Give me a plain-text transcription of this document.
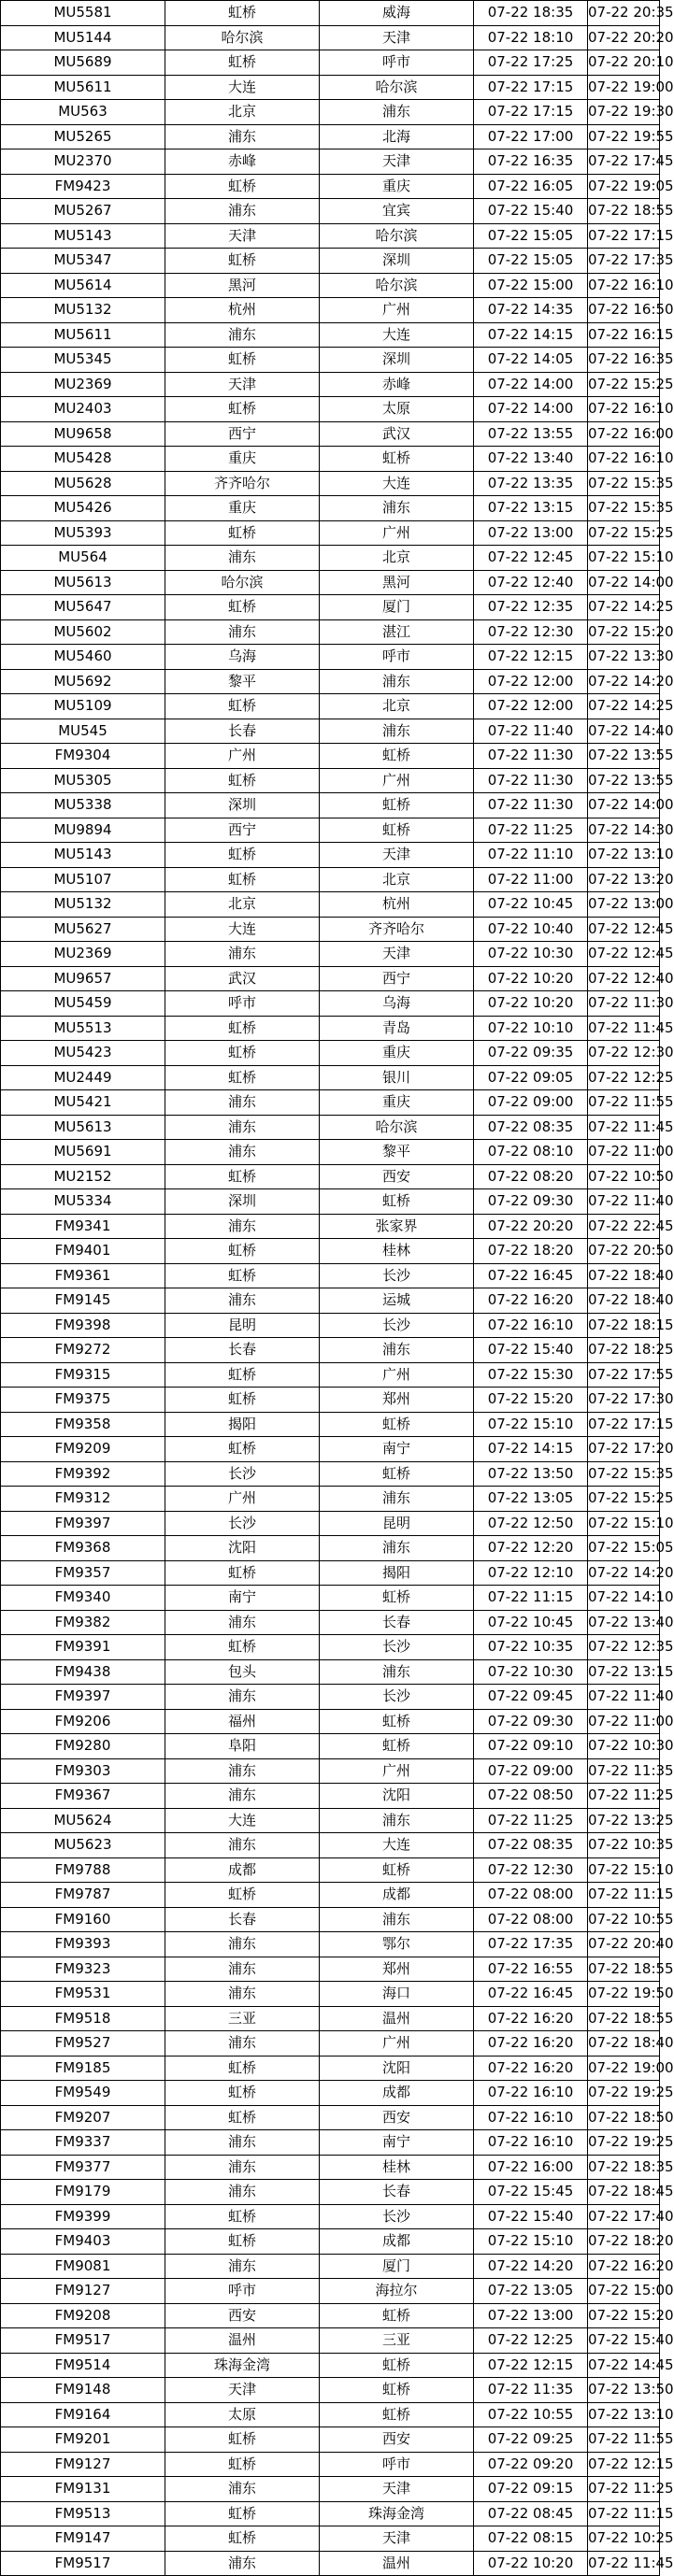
MU5581	虹桥	威海	07-22 18:35	07-22 20:35
MU5144	哈尔滨	天津	07-22 18:10	07-22 20:20
MU5689	虹桥	呼市	07-22 17:25	07-22 20:10
MU5611	大连	哈尔滨	07-22 17:15	07-22 19:00
MU563	北京	浦东	07-22 17:15	07-22 19:30
MU5265	浦东	北海	07-22 17:00	07-22 19:55
MU2370	赤峰	天津	07-22 16:35	07-22 17:45
FM9423	虹桥	重庆	07-22 16:05	07-22 19:05
MU5267	浦东	宜宾	07-22 15:40	07-22 18:55
MU5143	天津	哈尔滨	07-22 15:05	07-22 17:15
MU5347	虹桥	深圳	07-22 15:05	07-22 17:35
MU5614	黑河	哈尔滨	07-22 15:00	07-22 16:10
MU5132	杭州	广州	07-22 14:35	07-22 16:50
MU5611	浦东	大连	07-22 14:15	07-22 16:15
MU5345	虹桥	深圳	07-22 14:05	07-22 16:35
MU2369	天津	赤峰	07-22 14:00	07-22 15:25
MU2403	虹桥	太原	07-22 14:00	07-22 16:10
MU9658	西宁	武汉	07-22 13:55	07-22 16:00
MU5428	重庆	虹桥	07-22 13:40	07-22 16:10
MU5628	齐齐哈尔	大连	07-22 13:35	07-22 15:35
MU5426	重庆	浦东	07-22 13:15	07-22 15:35
MU5393	虹桥	广州	07-22 13:00	07-22 15:25
MU564	浦东	北京	07-22 12:45	07-22 15:10
MU5613	哈尔滨	黑河	07-22 12:40	07-22 14:00
MU5647	虹桥	厦门	07-22 12:35	07-22 14:25
MU5602	浦东	湛江	07-22 12:30	07-22 15:20
MU5460	乌海	呼市	07-22 12:15	07-22 13:30
MU5692	黎平	浦东	07-22 12:00	07-22 14:20
MU5109	虹桥	北京	07-22 12:00	07-22 14:25
MU545	长春	浦东	07-22 11:40	07-22 14:40
FM9304	广州	虹桥	07-22 11:30	07-22 13:55
MU5305	虹桥	广州	07-22 11:30	07-22 13:55
MU5338	深圳	虹桥	07-22 11:30	07-22 14:00
MU9894	西宁	虹桥	07-22 11:25	07-22 14:30
MU5143	虹桥	天津	07-22 11:10	07-22 13:10
MU5107	虹桥	北京	07-22 11:00	07-22 13:20
MU5132	北京	杭州	07-22 10:45	07-22 13:00
MU5627	大连	齐齐哈尔	07-22 10:40	07-22 12:45
MU2369	浦东	天津	07-22 10:30	07-22 12:45
MU9657	武汉	西宁	07-22 10:20	07-22 12:40
MU5459	呼市	乌海	07-22 10:20	07-22 11:30
MU5513	虹桥	青岛	07-22 10:10	07-22 11:45
MU5423	虹桥	重庆	07-22 09:35	07-22 12:30
MU2449	虹桥	银川	07-22 09:05	07-22 12:25
MU5421	浦东	重庆	07-22 09:00	07-22 11:55
MU5613	浦东	哈尔滨	07-22 08:35	07-22 11:45
MU5691	浦东	黎平	07-22 08:10	07-22 11:00
MU2152	虹桥	西安	07-22 08:20	07-22 10:50
MU5334	深圳	虹桥	07-22 09:30	07-22 11:40
FM9341	浦东	张家界	07-22 20:20	07-22 22:45
FM9401	虹桥	桂林	07-22 18:20	07-22 20:50
FM9361	虹桥	长沙	07-22 16:45	07-22 18:40
FM9145	浦东	运城	07-22 16:20	07-22 18:40
FM9398	昆明	长沙	07-22 16:10	07-22 18:15
FM9272	长春	浦东	07-22 15:40	07-22 18:25
FM9315	虹桥	广州	07-22 15:30	07-22 17:55
FM9375	虹桥	郑州	07-22 15:20	07-22 17:30
FM9358	揭阳	虹桥	07-22 15:10	07-22 17:15
FM9209	虹桥	南宁	07-22 14:15	07-22 17:20
FM9392	长沙	虹桥	07-22 13:50	07-22 15:35
FM9312	广州	浦东	07-22 13:05	07-22 15:25
FM9397	长沙	昆明	07-22 12:50	07-22 15:10
FM9368	沈阳	浦东	07-22 12:20	07-22 15:05
FM9357	虹桥	揭阳	07-22 12:10	07-22 14:20
FM9340	南宁	虹桥	07-22 11:15	07-22 14:10
FM9382	浦东	长春	07-22 10:45	07-22 13:40
FM9391	虹桥	长沙	07-22 10:35	07-22 12:35
FM9438	包头	浦东	07-22 10:30	07-22 13:15
FM9397	浦东	长沙	07-22 09:45	07-22 11:40
FM9206	福州	虹桥	07-22 09:30	07-22 11:00
FM9280	阜阳	虹桥	07-22 09:10	07-22 10:30
FM9303	浦东	广州	07-22 09:00	07-22 11:35
FM9367	浦东	沈阳	07-22 08:50	07-22 11:25
MU5624	大连	浦东	07-22 11:25	07-22 13:25
MU5623	浦东	大连	07-22 08:35	07-22 10:35
FM9788	成都	虹桥	07-22 12:30	07-22 15:10
FM9787	虹桥	成都	07-22 08:00	07-22 11:15
FM9160	长春	浦东	07-22 08:00	07-22 10:55
FM9393	浦东	鄂尔	07-22 17:35	07-22 20:40
FM9323	浦东	郑州	07-22 16:55	07-22 18:55
FM9531	浦东	海口	07-22 16:45	07-22 19:50
FM9518	三亚	温州	07-22 16:20	07-22 18:55
FM9527	浦东	广州	07-22 16:20	07-22 18:40
FM9185	虹桥	沈阳	07-22 16:20	07-22 19:00
FM9549	虹桥	成都	07-22 16:10	07-22 19:25
FM9207	虹桥	西安	07-22 16:10	07-22 18:50
FM9337	浦东	南宁	07-22 16:10	07-22 19:25
FM9377	浦东	桂林	07-22 16:00	07-22 18:35
FM9179	浦东	长春	07-22 15:45	07-22 18:45
FM9399	虹桥	长沙	07-22 15:40	07-22 17:40
FM9403	虹桥	成都	07-22 15:10	07-22 18:20
FM9081	浦东	厦门	07-22 14:20	07-22 16:20
FM9127	呼市	海拉尔	07-22 13:05	07-22 15:00
FM9208	西安	虹桥	07-22 13:00	07-22 15:20
FM9517	温州	三亚	07-22 12:25	07-22 15:40
FM9514	珠海金湾	虹桥	07-22 12:15	07-22 14:45
FM9148	天津	虹桥	07-22 11:35	07-22 13:50
FM9164	太原	虹桥	07-22 10:55	07-22 13:10
FM9201	虹桥	西安	07-22 09:25	07-22 11:55
FM9127	虹桥	呼市	07-22 09:20	07-22 12:15
FM9131	浦东	天津	07-22 09:15	07-22 11:25
FM9513	虹桥	珠海金湾	07-22 08:45	07-22 11:15
FM9147	虹桥	天津	07-22 08:15	07-22 10:25
FM9517	浦东	温州	07-22 10:20	07-22 11:45
